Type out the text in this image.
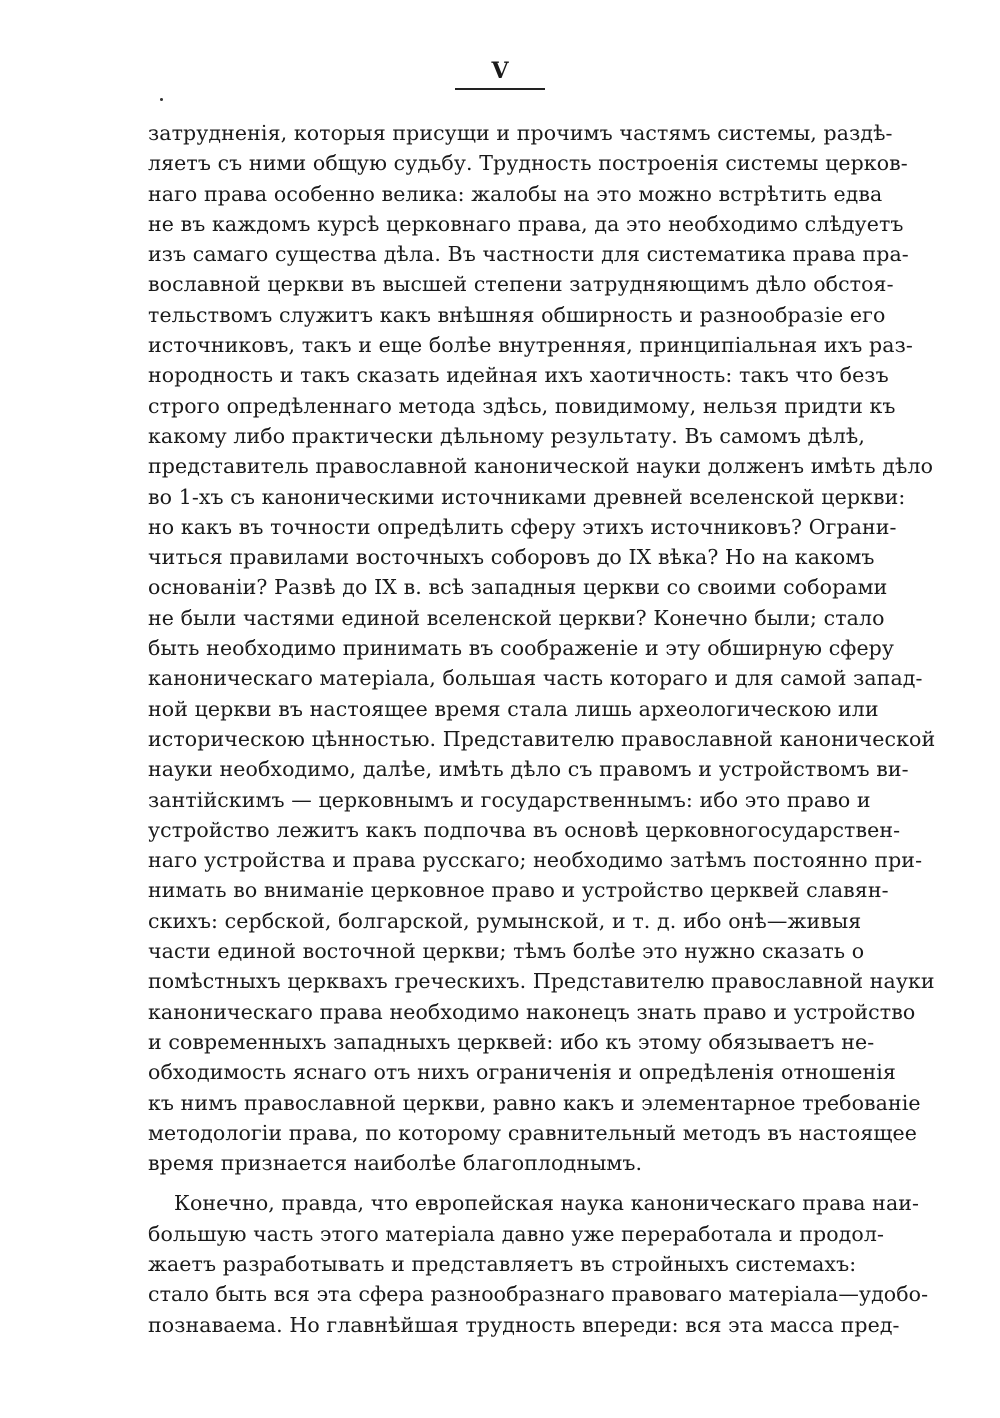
V
затрудненія, которыя присущи и прочимъ частямъ системы, раздѣ-
ляетъ съ ними общую судьбу. Трудность построенія системы церков-
наго права особенно велика: жалобы на это можно встрѣтить едва
не въ каждомъ курсѣ церковнаго права, да это необходимо слѣдуетъ
изъ самаго существа дѣла. Въ частности для систематика права пра-
вославной церкви въ высшей степени затрудняющимъ дѣло обстоя-
тельствомъ служитъ какъ внѣшняя обширность и разнообразіе его
источниковъ, такъ и еще болѣе внутренняя, принципіальная ихъ раз-
нородность и такъ сказать идейная ихъ хаотичность: такъ что безъ
строго опредѣленнаго метода здѣсь, повидимому, нельзя придти къ
какому либо практически дѣльному результату. Въ самомъ дѣлѣ,
представитель православной канонической науки долженъ имѣть дѣло
во 1-хъ съ каноническими источниками древней вселенской церкви:
но какъ въ точности опредѣлить сферу этихъ источниковъ? Ограни-
читься правилами восточныхъ соборовъ до IX вѣка? Но на какомъ
основаніи? Развѣ до IX в. всѣ западныя церкви со своими соборами
не были частями единой вселенской церкви? Конечно были; стало
быть необходимо принимать въ соображеніе и эту обширную сферу
каноническаго матеріала, большая часть котораго и для самой запад-
ной церкви въ настоящее время стала лишь археологическою или
историческою цѣнностью. Представителю православной канонической
науки необходимо, далѣе, имѣть дѣло съ правомъ и устройствомъ ви-
зантійскимъ — церковнымъ и государственнымъ: ибо это право и
устройство лежитъ какъ подпочва въ основѣ церковногосударствен-
наго устройства и права русскаго; необходимо затѣмъ постоянно при-
нимать во вниманіе церковное право и устройство церквей славян-
скихъ: сербской, болгарской, румынской, и т. д. ибо онѣ—живыя
части единой восточной церкви; тѣмъ болѣе это нужно сказать о
помѣстныхъ церквахъ греческихъ. Представителю православной науки
каноническаго права необходимо наконецъ знать право и устройство
и современныхъ западныхъ церквей: ибо къ этому обязываетъ не-
обходимость яснаго отъ нихъ ограниченія и опредѣленія отношенія
къ нимъ православной церкви, равно какъ и элементарное требованіе
методологіи права, по которому сравнительный методъ въ настоящее
время признается наиболѣе благоплоднымъ.
Конечно, правда, что европейская наука каноническаго права наи-
большую часть этого матеріала давно уже переработала и продол-
жаетъ разработывать и представляетъ въ стройныхъ системахъ:
стало быть вся эта сфера разнообразнаго правоваго матеріала—удобо-
познаваема. Но главнѣйшая трудность впереди: вся эта масса пред-
